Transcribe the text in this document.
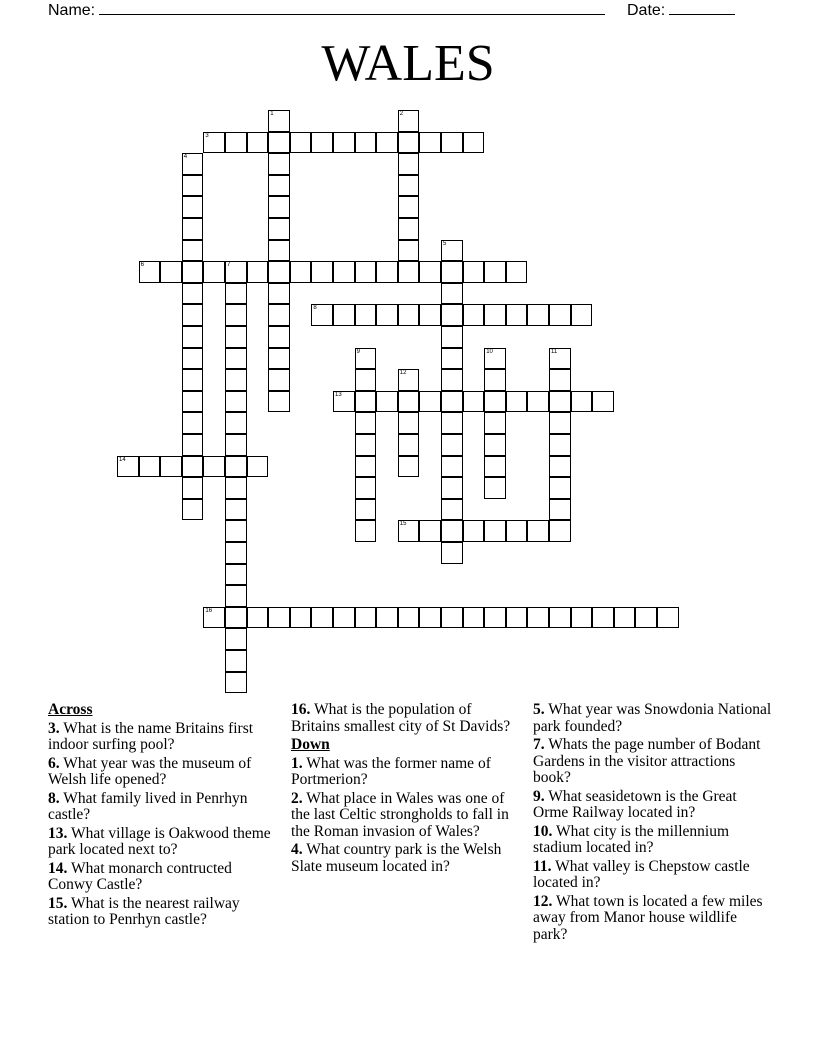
Name:	Date:
WALES
1	2
3
4
5
6	7
8
9	10	11
12
13
14
15
16
Across
3. What is the name Britains first indoor surfing pool?
6. What year was the museum of Welsh life opened?
8. What family lived in Penrhyn castle?
13. What village is Oakwood theme park located next to?
14. What monarch contructed Conwy Castle?
15. What is the nearest railway station to Penrhyn castle?
16. What is the population of Britains smallest city of St Davids?
Down
1. What was the former name of Portmerion?
2. What place in Wales was one of the last Celtic strongholds to fall in the Roman invasion of Wales?
4. What country park is the Welsh Slate museum located in?
5. What year was Snowdonia National park founded?
7. Whats the page number of Bodant Gardens in the visitor attractions book?
9. What seasidetown is the Great Orme Railway located in?
10. What city is the millennium stadium located in?
11. What valley is Chepstow castle located in?
12. What town is located a few miles away from Manor house wildlife park?
